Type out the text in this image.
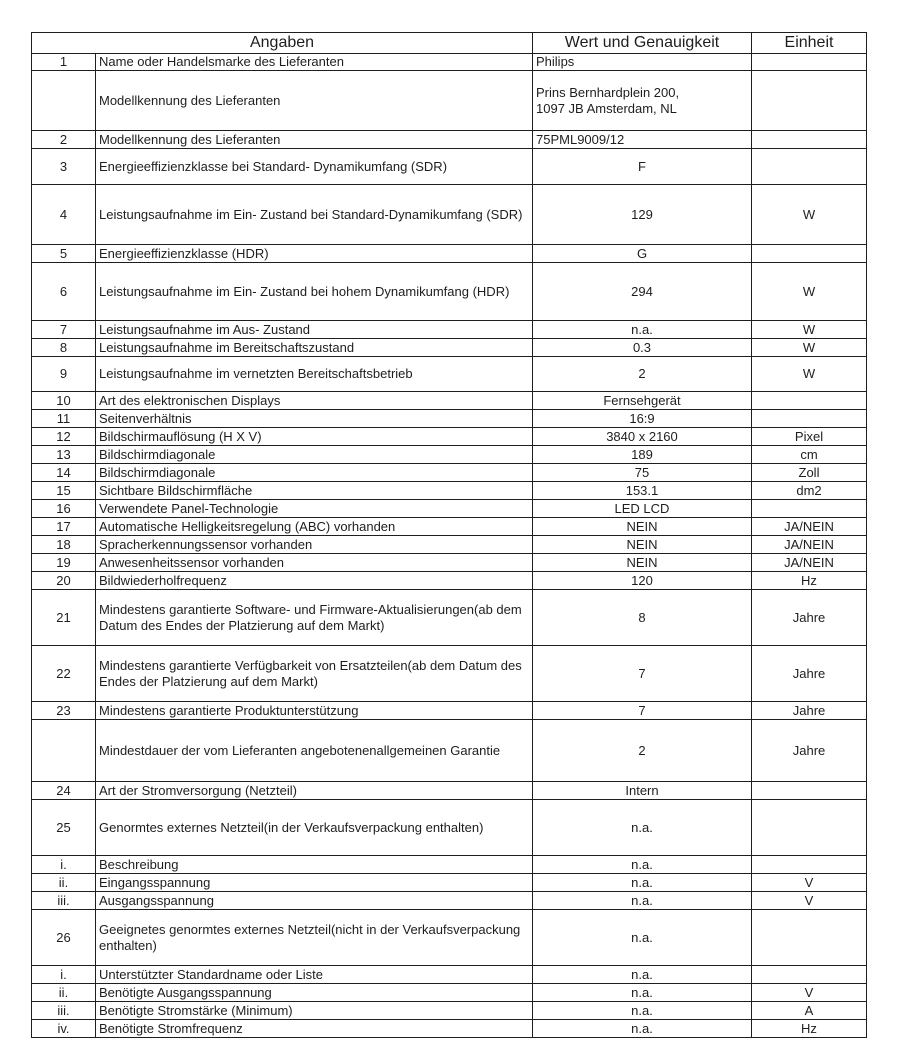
Angaben		Wert und Genauigkeit	Einheit
1	Name oder Handelsmarke des Lieferanten	Philips	
	Modellkennung des Lieferanten	Prins Bernhardplein 200,
1097 JB Amsterdam, NL	
2	Modellkennung des Lieferanten	75PML9009/12	
3	Energieeffizienzklasse bei Standard- Dynamikumfang (SDR)	F	
4	Leistungsaufnahme im Ein- Zustand bei Standard-Dynamikumfang (SDR)	129	W
5	Energieeffizienzklasse (HDR)	G	
6	Leistungsaufnahme im Ein- Zustand bei hohem Dynamikumfang (HDR)	294	W
7	Leistungsaufnahme im Aus- Zustand	n.a.	W
8	Leistungsaufnahme im Bereitschaftszustand	0.3	W
9	Leistungsaufnahme im vernetzten Bereitschaftsbetrieb	2	W
10	Art des elektronischen Displays	Fernsehgerät	
11	Seitenverhältnis	16:9	
12	Bildschirmauflösung (H X V)	3840 x 2160	Pixel
13	Bildschirmdiagonale	189	cm
14	Bildschirmdiagonale	75	Zoll
15	Sichtbare Bildschirmfläche	153.1	dm2
16	Verwendete Panel-Technologie	LED LCD	
17	Automatische Helligkeitsregelung (ABC) vorhanden	NEIN	JA/NEIN
18	Spracherkennungssensor vorhanden	NEIN	JA/NEIN
19	Anwesenheitssensor vorhanden	NEIN	JA/NEIN
20	Bildwiederholfrequenz	120	Hz
21	Mindestens garantierte Software- und Firmware-Aktualisierungen(ab dem Datum des Endes der Platzierung auf dem Markt)	8	Jahre
22	Mindestens garantierte Verfügbarkeit von Ersatzteilen(ab dem Datum des Endes der Platzierung auf dem Markt)	7	Jahre
23	Mindestens garantierte Produktunterstützung	7	Jahre
	Mindestdauer der vom Lieferanten angebotenenallgemeinen Garantie	2	Jahre
24	Art der Stromversorgung (Netzteil)	Intern	
25	Genormtes externes Netzteil(in der Verkaufsverpackung enthalten)	n.a.	
i.	Beschreibung	n.a.	
ii.	Eingangsspannung	n.a.	V
iii.	Ausgangsspannung	n.a.	V
26	Geeignetes genormtes externes Netzteil(nicht in der Verkaufsverpackung enthalten)	n.a.	
i.	Unterstützter Standardname oder Liste	n.a.	
ii.	Benötigte Ausgangsspannung	n.a.	V
iii.	Benötigte Stromstärke (Minimum)	n.a.	A
iv.	Benötigte Stromfrequenz	n.a.	Hz
